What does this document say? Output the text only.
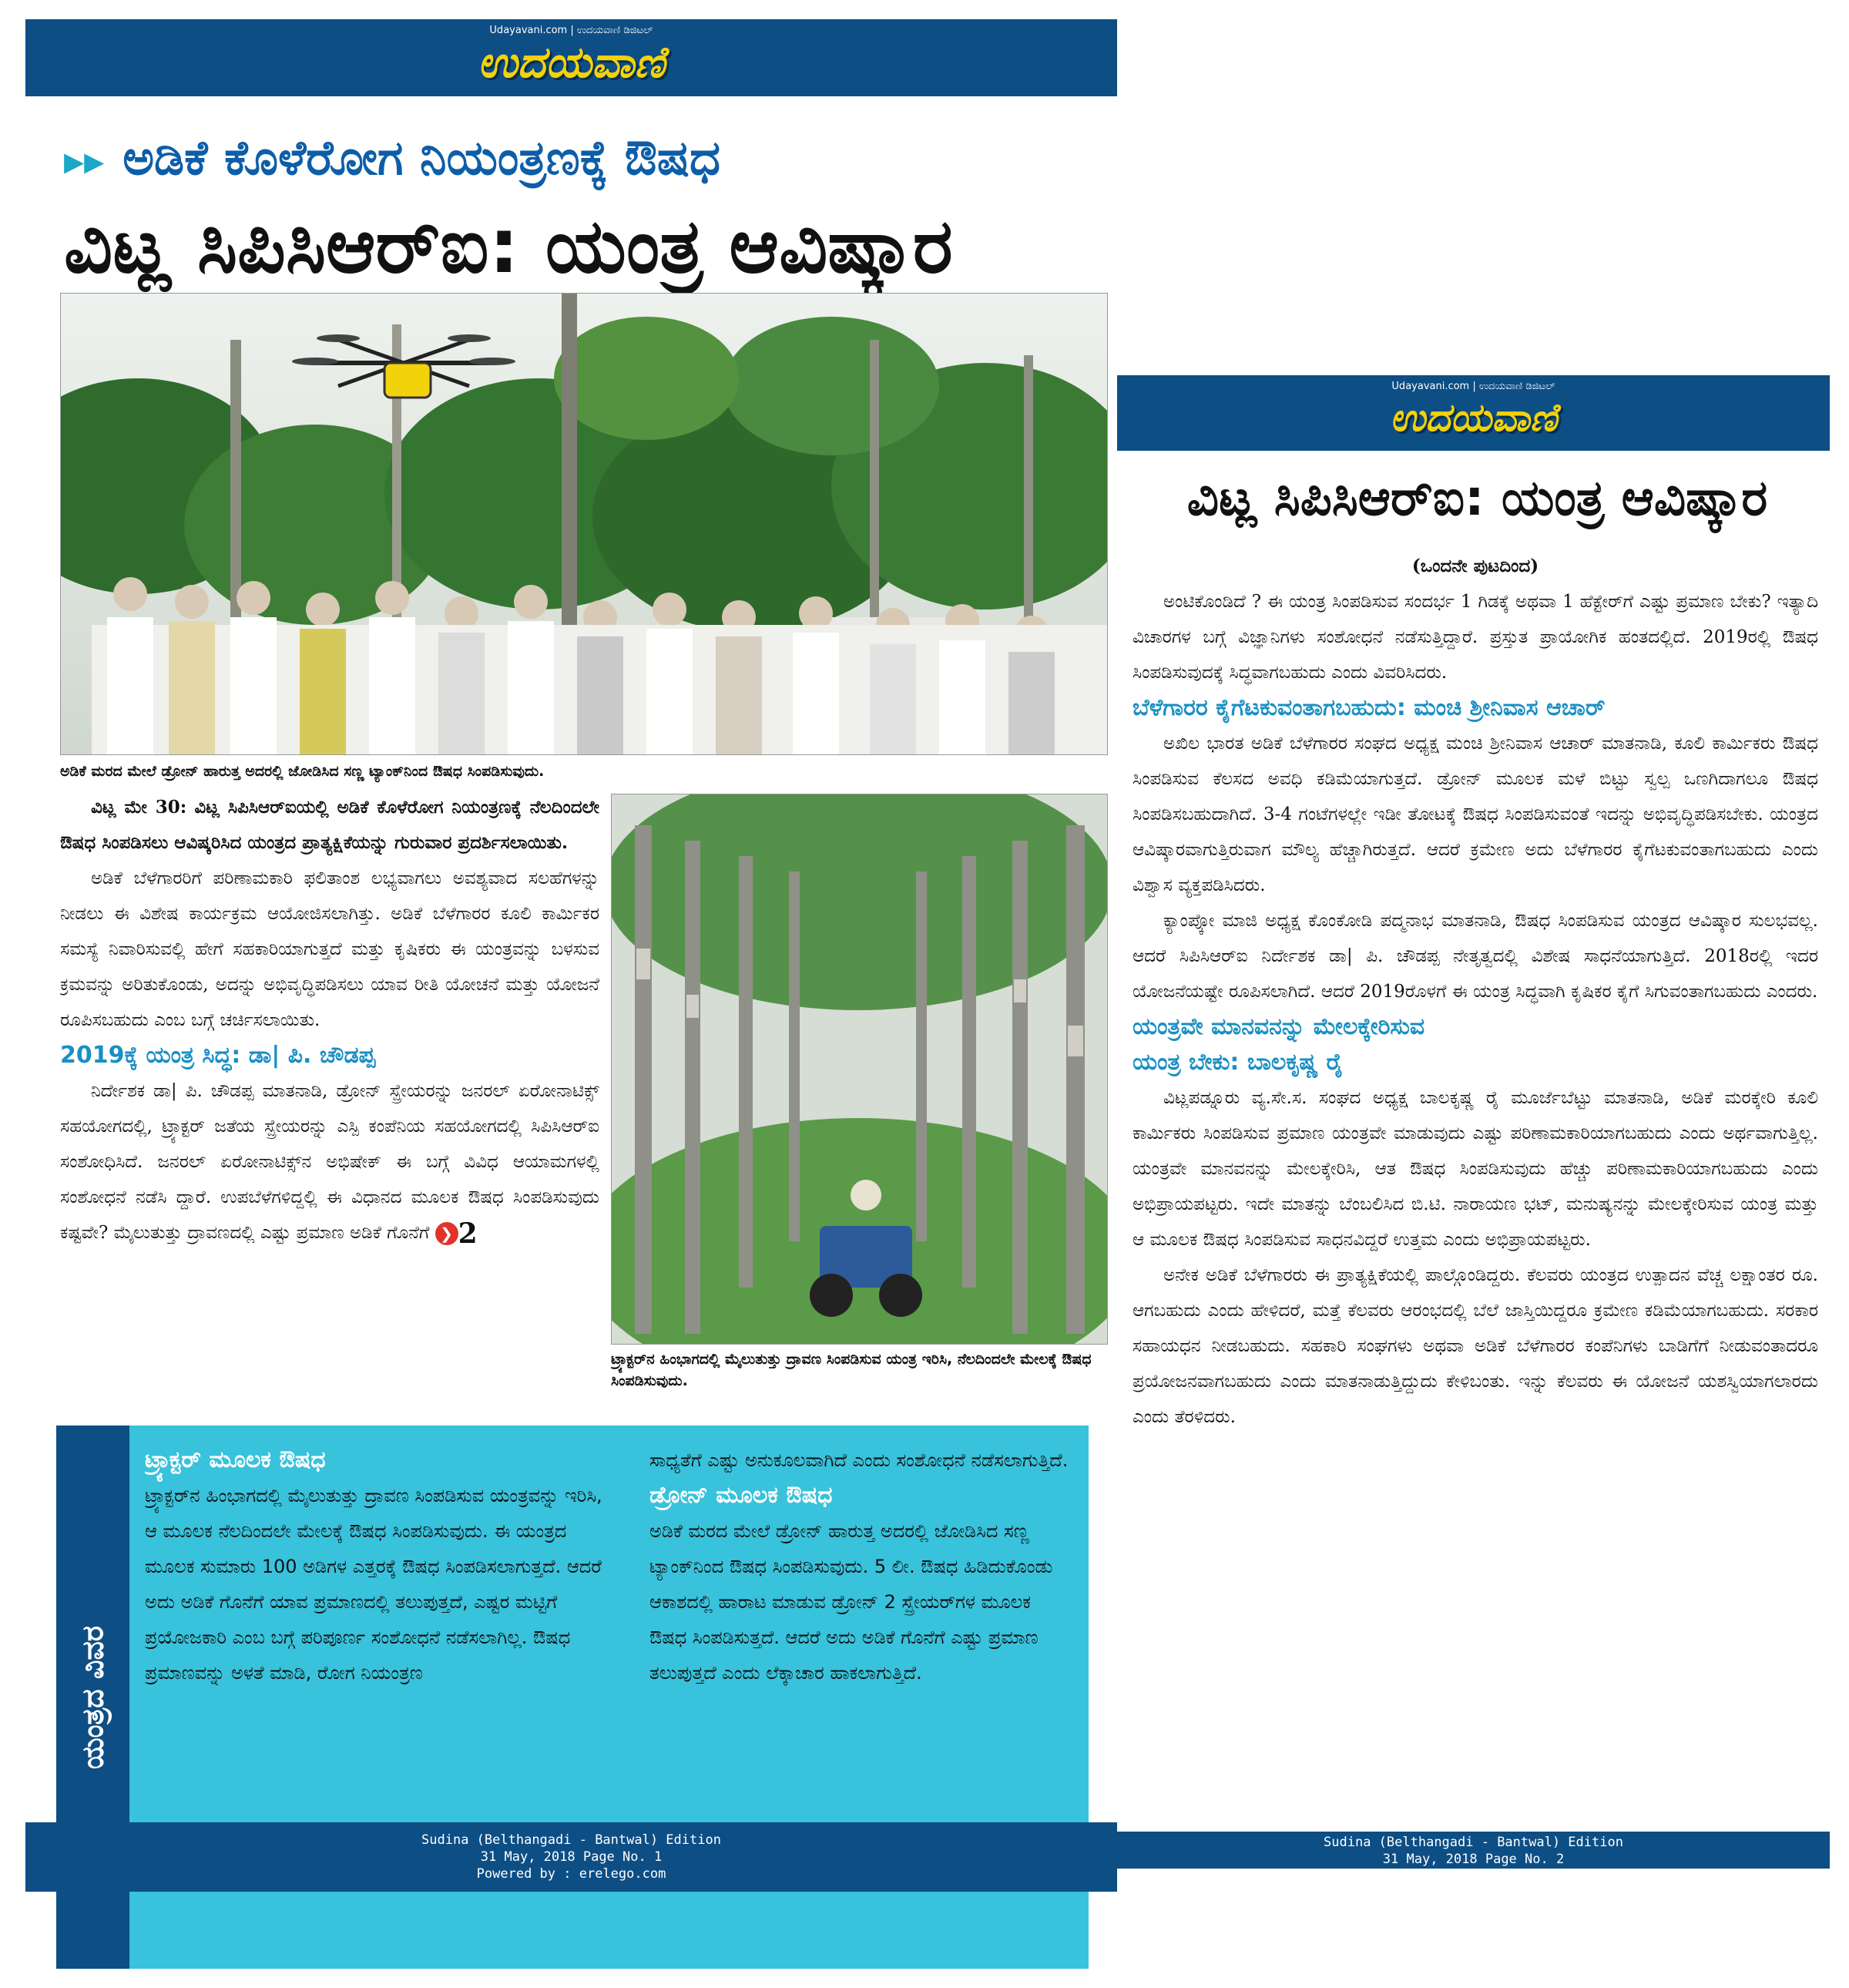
Udayavani.com | ಉದಯವಾಣಿ ಡಿಜಿಟಲ್
ಉದಯವಾಣಿ
▸▸ ಅಡಿಕೆ ಕೊಳೆರೋಗ ನಿಯಂತ್ರಣಕ್ಕೆ ಔಷಧ
ವಿಟ್ಲ ಸಿಪಿಸಿಆರ್‌ಐ: ಯಂತ್ರ ಆವಿಷ್ಕಾರ
ಅಡಿಕೆ ಮರದ ಮೇಲೆ ಡ್ರೋನ್ ಹಾರುತ್ತ ಅದರಲ್ಲಿ ಜೋಡಿಸಿದ ಸಣ್ಣ ಟ್ಯಾಂಕ್‌ನಿಂದ ಔಷಧ ಸಿಂಪಡಿಸುವುದು.
ಟ್ರ್ಯಾಕ್ಟರ್‌ನ ಹಿಂಭಾಗದಲ್ಲಿ ಮೈಲುತುತ್ತು ದ್ರಾವಣ ಸಿಂಪಡಿಸುವ ಯಂತ್ರ ಇರಿಸಿ, ನೆಲದಿಂದಲೇ ಮೇಲಕ್ಕೆ ಔಷಧ ಸಿಂಪಡಿಸುವುದು.

ವಿಟ್ಲ ಮೇ 30: ವಿಟ್ಲ ಸಿಪಿಸಿಆರ್‌ಐಯಲ್ಲಿ ಅಡಿಕೆ ಕೊಳೆರೋಗ ನಿಯಂತ್ರಣಕ್ಕೆ ನೆಲದಿಂದಲೇ ಔಷಧ ಸಿಂಪಡಿಸಲು ಆವಿಷ್ಕರಿಸಿದ ಯಂತ್ರದ ಪ್ರಾತ್ಯಕ್ಷಿಕೆಯನ್ನು ಗುರುವಾರ ಪ್ರದರ್ಶಿಸಲಾಯಿತು.

ಅಡಿಕೆ ಬೆಳೆಗಾರರಿಗೆ ಪರಿಣಾಮಕಾರಿ ಫಲಿತಾಂಶ ಲಭ್ಯವಾಗಲು ಅವಶ್ಯವಾದ ಸಲಹೆಗಳನ್ನು ನೀಡಲು ಈ ವಿಶೇಷ ಕಾರ್ಯಕ್ರಮ ಆಯೋಜಿಸಲಾಗಿತ್ತು. ಅಡಿಕೆ ಬೆಳೆಗಾರರ ಕೂಲಿ ಕಾರ್ಮಿಕರ ಸಮಸ್ಯೆ ನಿವಾರಿಸುವಲ್ಲಿ ಹೇಗೆ ಸಹಕಾರಿಯಾಗುತ್ತದೆ ಮತ್ತು ಕೃಷಿಕರು ಈ ಯಂತ್ರವನ್ನು ಬಳಸುವ ಕ್ರಮವನ್ನು ಅರಿತುಕೊಂಡು, ಅದನ್ನು ಅಭಿವೃದ್ಧಿಪಡಿಸಲು ಯಾವ ರೀತಿ ಯೋಚನೆ ಮತ್ತು ಯೋಜನೆ ರೂಪಿಸಬಹುದು ಎಂಬ ಬಗ್ಗೆ ಚರ್ಚಿಸಲಾಯಿತು.

2019ಕ್ಕೆ ಯಂತ್ರ ಸಿದ್ಧ: ಡಾ| ಪಿ. ಚೌಡಪ್ಪ

ನಿರ್ದೇಶಕ ಡಾ| ಪಿ. ಚೌಡಪ್ಪ ಮಾತನಾಡಿ, ಡ್ರೋನ್ ಸ್ಪ್ರೇಯರನ್ನು ಜನರಲ್ ಏರೋನಾಟಿಕ್ಸ್ ಸಹಯೋಗದಲ್ಲಿ, ಟ್ರ್ಯಾಕ್ಟರ್ ಜತೆಯ ಸ್ಪ್ರೇಯರನ್ನು ಎಸ್ಪಿ ಕಂಪೆನಿಯ ಸಹಯೋಗದಲ್ಲಿ ಸಿಪಿಸಿಆರ್‌ಐ ಸಂಶೋಧಿಸಿದೆ. ಜನರಲ್ ಏರೋನಾಟಿಕ್ಸ್‌ನ ಅಭಿಷೇಕ್ ಈ ಬಗ್ಗೆ ವಿವಿಧ ಆಯಾಮಗಳಲ್ಲಿ ಸಂಶೋಧನೆ ನಡೆಸಿ ದ್ದಾರೆ. ಉಪಬೆಳೆಗಳಿದ್ದಲ್ಲಿ ಈ ವಿಧಾನದ ಮೂಲಕ ಔಷಧ ಸಿಂಪಡಿಸುವುದು ಕಷ್ಟವೇ? ಮೈಲುತುತ್ತು ದ್ರಾವಣದಲ್ಲಿ ಎಷ್ಟು ಪ್ರಮಾಣ ಅಡಿಕೆ ಗೊನೆಗೆ ❯ 2

ಯಂತ್ರದ ವಿವರ
ಟ್ರ್ಯಾಕ್ಟರ್ ಮೂಲಕ ಔಷಧ
ಟ್ರ್ಯಾಕ್ಟರ್‌ನ ಹಿಂಭಾಗದಲ್ಲಿ ಮೈಲುತುತ್ತು ದ್ರಾವಣ ಸಿಂಪಡಿಸುವ ಯಂತ್ರವನ್ನು ಇರಿಸಿ, ಆ ಮೂಲಕ ನೆಲದಿಂದಲೇ ಮೇಲಕ್ಕೆ ಔಷಧ ಸಿಂಪಡಿಸುವುದು. ಈ ಯಂತ್ರದ ಮೂಲಕ ಸುಮಾರು 100 ಅಡಿಗಳ ಎತ್ತರಕ್ಕೆ ಔಷಧ ಸಿಂಪಡಿಸಲಾಗುತ್ತದೆ. ಆದರೆ ಅದು ಅಡಿಕೆ ಗೊನೆಗೆ ಯಾವ ಪ್ರಮಾಣದಲ್ಲಿ ತಲುಪುತ್ತದೆ, ಎಷ್ಟರ ಮಟ್ಟಿಗೆ ಪ್ರಯೋಜಕಾರಿ ಎಂಬ ಬಗ್ಗೆ ಪರಿಪೂರ್ಣ ಸಂಶೋಧನೆ ನಡೆಸಲಾಗಿಲ್ಲ. ಔಷಧ ಪ್ರಮಾಣವನ್ನು ಅಳತೆ ಮಾಡಿ, ರೋಗ ನಿಯಂತ್ರಣ
ಸಾಧ್ಯತೆಗೆ ಎಷ್ಟು ಅನುಕೂಲವಾಗಿದೆ ಎಂದು ಸಂಶೋಧನೆ ನಡೆಸಲಾಗುತ್ತಿದೆ.
ಡ್ರೋನ್ ಮೂಲಕ ಔಷಧ
ಅಡಿಕೆ ಮರದ ಮೇಲೆ ಡ್ರೋನ್ ಹಾರುತ್ತ ಅದರಲ್ಲಿ ಜೋಡಿಸಿದ ಸಣ್ಣ ಟ್ಯಾಂಕ್‌ನಿಂದ ಔಷಧ ಸಿಂಪಡಿಸುವುದು. 5 ಲೀ. ಔಷಧ ಹಿಡಿದುಕೊಂಡು ಆಕಾಶದಲ್ಲಿ ಹಾರಾಟ ಮಾಡುವ ಡ್ರೋನ್ 2 ಸ್ಪ್ರೇಯರ್‌ಗಳ ಮೂಲಕ ಔಷಧ ಸಿಂಪಡಿಸುತ್ತದೆ. ಆದರೆ ಅದು ಅಡಿಕೆ ಗೊನೆಗೆ ಎಷ್ಟು ಪ್ರಮಾಣ ತಲುಪುತ್ತದೆ ಎಂದು ಲೆಕ್ಕಾಚಾರ ಹಾಕಲಾಗುತ್ತಿದೆ.
Sudina (Belthangadi - Bantwal) Edition
31 May, 2018 Page No. 1
Powered by : erelego.com
Udayavani.com | ಉದಯವಾಣಿ ಡಿಜಿಟಲ್
ಉದಯವಾಣಿ
ವಿಟ್ಲ ಸಿಪಿಸಿಆರ್‌ಐ: ಯಂತ್ರ ಆವಿಷ್ಕಾರ

(ಒಂದನೇ ಪುಟದಿಂದ)

ಅಂಟಿಕೊಂಡಿದೆ ? ಈ ಯಂತ್ರ ಸಿಂಪಡಿಸುವ ಸಂದರ್ಭ 1 ಗಿಡಕ್ಕೆ ಅಥವಾ 1 ಹೆಕ್ಟೇರ್‌ಗೆ ಎಷ್ಟು ಪ್ರಮಾಣ ಬೇಕು? ಇತ್ಯಾದಿ ವಿಚಾರಗಳ ಬಗ್ಗೆ ವಿಜ್ಞಾನಿಗಳು ಸಂಶೋಧನೆ ನಡೆಸುತ್ತಿದ್ದಾರೆ. ಪ್ರಸ್ತುತ ಪ್ರಾಯೋಗಿಕ ಹಂತದಲ್ಲಿದೆ. 2019ರಲ್ಲಿ ಔಷಧ ಸಿಂಪಡಿಸುವುದಕ್ಕೆ ಸಿದ್ಧವಾಗಬಹುದು ಎಂದು ವಿವರಿಸಿದರು.

ಬೆಳೆಗಾರರ ಕೈಗೆಟಕುವಂತಾಗಬಹುದು: ಮಂಚಿ ಶ್ರೀನಿವಾಸ ಆಚಾರ್

ಅಖಿಲ ಭಾರತ ಅಡಿಕೆ ಬೆಳೆಗಾರರ ಸಂಘದ ಅಧ್ಯಕ್ಷ ಮಂಚಿ ಶ್ರೀನಿವಾಸ ಆಚಾರ್ ಮಾತನಾಡಿ, ಕೂಲಿ ಕಾರ್ಮಿಕರು ಔಷಧ ಸಿಂಪಡಿಸುವ ಕೆಲಸದ ಅವಧಿ ಕಡಿಮೆಯಾಗುತ್ತದೆ. ಡ್ರೋನ್ ಮೂಲಕ ಮಳೆ ಬಿಟ್ಟು ಸ್ವಲ್ಪ ಒಣಗಿದಾಗಲೂ ಔಷಧ ಸಿಂಪಡಿಸಬಹುದಾಗಿದೆ. 3-4 ಗಂಟೆಗಳಲ್ಲೇ ಇಡೀ ತೋಟಕ್ಕೆ ಔಷಧ ಸಿಂಪಡಿಸುವಂತೆ ಇದನ್ನು ಅಭಿವೃದ್ಧಿಪಡಿಸಬೇಕು. ಯಂತ್ರದ ಆವಿಷ್ಕಾರವಾಗುತ್ತಿರುವಾಗ ಮೌಲ್ಯ ಹೆಚ್ಚಾಗಿರುತ್ತದೆ. ಆದರೆ ಕ್ರಮೇಣ ಅದು ಬೆಳೆಗಾರರ ಕೈಗೆಟಕುವಂತಾಗಬಹುದು ಎಂದು ವಿಶ್ವಾಸ ವ್ಯಕ್ತಪಡಿಸಿದರು.

ಕ್ಯಾಂಪ್ಕೋ ಮಾಜಿ ಅಧ್ಯಕ್ಷ ಕೊಂಕೋಡಿ ಪದ್ಮನಾಭ ಮಾತನಾಡಿ, ಔಷಧ ಸಿಂಪಡಿಸುವ ಯಂತ್ರದ ಆವಿಷ್ಕಾರ ಸುಲಭವಲ್ಲ. ಆದರೆ ಸಿಪಿಸಿಆರ್‌ಐ ನಿರ್ದೇಶಕ ಡಾ| ಪಿ. ಚೌಡಪ್ಪ ನೇತೃತ್ವದಲ್ಲಿ ವಿಶೇಷ ಸಾಧನೆಯಾಗುತ್ತಿದೆ. 2018ರಲ್ಲಿ ಇದರ ಯೋಜನೆಯಷ್ಟೇ ರೂಪಿಸಲಾಗಿದೆ. ಆದರೆ 2019ರೊಳಗೆ ಈ ಯಂತ್ರ ಸಿದ್ಧವಾಗಿ ಕೃಷಿಕರ ಕೈಗೆ ಸಿಗುವಂತಾಗಬಹುದು ಎಂದರು.

ಯಂತ್ರವೇ ಮಾನವನನ್ನು ಮೇಲಕ್ಕೇರಿಸುವ

ಯಂತ್ರ ಬೇಕು: ಬಾಲಕೃಷ್ಣ ರೈ

ವಿಟ್ಲಪಡ್ನೂರು ವ್ಯ.ಸೇ.ಸ. ಸಂಘದ ಅಧ್ಯಕ್ಷ ಬಾಲಕೃಷ್ಣ ರೈ ಮೂರ್ಜೆಬೆಟ್ಟು ಮಾತನಾಡಿ, ಅಡಿಕೆ ಮರಕ್ಕೇರಿ ಕೂಲಿ ಕಾರ್ಮಿಕರು ಸಿಂಪಡಿಸುವ ಪ್ರಮಾಣ ಯಂತ್ರವೇ ಮಾಡುವುದು ಎಷ್ಟು ಪರಿಣಾಮಕಾರಿಯಾಗಬಹುದು ಎಂದು ಅರ್ಥವಾಗುತ್ತಿಲ್ಲ. ಯಂತ್ರವೇ ಮಾನವನನ್ನು ಮೇಲಕ್ಕೇರಿಸಿ, ಆತ ಔಷಧ ಸಿಂಪಡಿಸುವುದು ಹೆಚ್ಚು ಪರಿಣಾಮಕಾರಿಯಾಗಬಹುದು ಎಂದು ಅಭಿಪ್ರಾಯಪಟ್ಟರು. ಇದೇ ಮಾತನ್ನು ಬೆಂಬಲಿಸಿದ ಬಿ.ಟಿ. ನಾರಾಯಣ ಭಟ್, ಮನುಷ್ಯನನ್ನು ಮೇಲಕ್ಕೇರಿಸುವ ಯಂತ್ರ ಮತ್ತು ಆ ಮೂಲಕ ಔಷಧ ಸಿಂಪಡಿಸುವ ಸಾಧನವಿದ್ದರೆ ಉತ್ತಮ ಎಂದು ಅಭಿಪ್ರಾಯಪಟ್ಟರು.

ಅನೇಕ ಅಡಿಕೆ ಬೆಳೆಗಾರರು ಈ ಪ್ರಾತ್ಯಕ್ಷಿಕೆಯಲ್ಲಿ ಪಾಲ್ಗೊಂಡಿದ್ದರು. ಕೆಲವರು ಯಂತ್ರದ ಉತ್ಪಾದನ ವೆಚ್ಚ ಲಕ್ಷಾಂತರ ರೂ. ಆಗಬಹುದು ಎಂದು ಹೇಳಿದರೆ, ಮತ್ತೆ ಕೆಲವರು ಆರಂಭದಲ್ಲಿ ಬೆಲೆ ಜಾಸ್ತಿಯಿದ್ದರೂ ಕ್ರಮೇಣ ಕಡಿಮೆಯಾಗಬಹುದು. ಸರಕಾರ ಸಹಾಯಧನ ನೀಡಬಹುದು. ಸಹಕಾರಿ ಸಂಘಗಳು ಅಥವಾ ಅಡಿಕೆ ಬೆಳೆಗಾರರ ಕಂಪೆನಿಗಳು ಬಾಡಿಗೆಗೆ ನೀಡುವಂತಾದರೂ ಪ್ರಯೋಜನವಾಗಬಹುದು ಎಂದು ಮಾತನಾಡುತ್ತಿದ್ದುದು ಕೇಳಿಬಂತು. ಇನ್ನು ಕೆಲವರು ಈ ಯೋಜನೆ ಯಶಸ್ವಿಯಾಗಲಾರದು ಎಂದು ತೆರಳಿದರು.

Sudina (Belthangadi - Bantwal) Edition
31 May, 2018 Page No. 2
